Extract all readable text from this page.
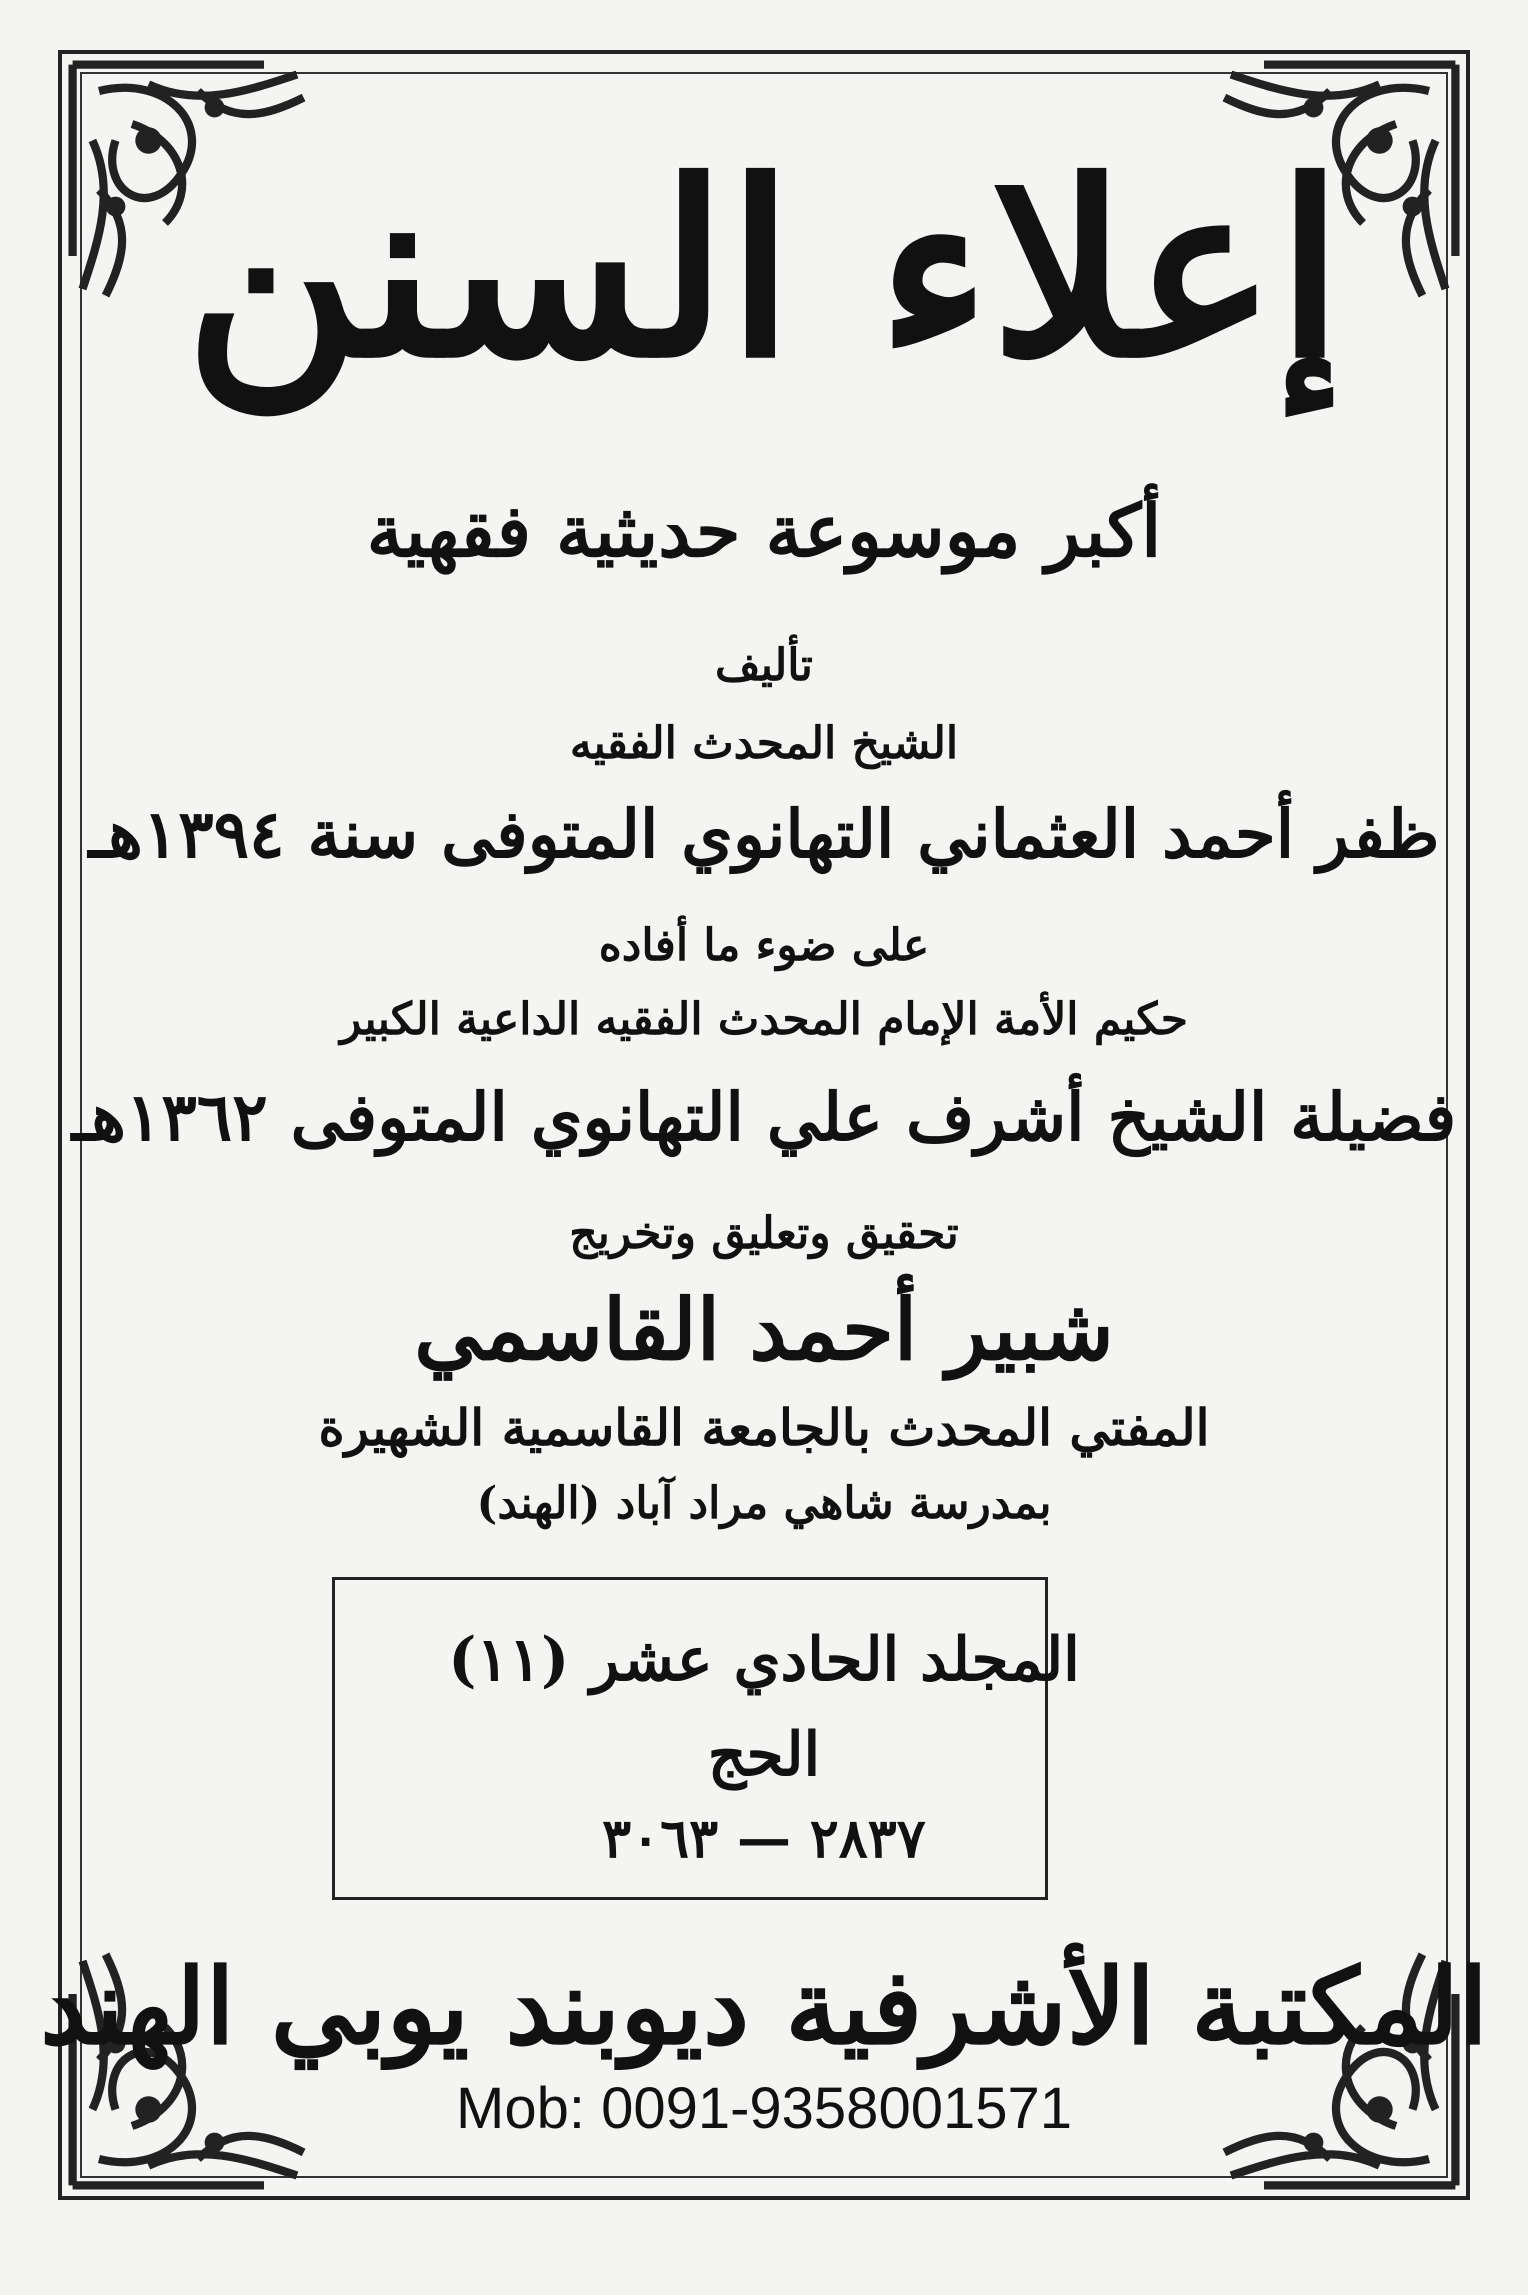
إعلاء السنن
أكبر موسوعة حديثية فقهية
تأليف
الشيخ المحدث الفقيه
ظفر أحمد العثماني التهانوي المتوفى سنة ١٣٩٤هـ
على ضوء ما أفاده
حكيم الأمة الإمام المحدث الفقيه الداعية الكبير
فضيلة الشيخ أشرف علي التهانوي المتوفى ١٣٦٢هـ
تحقيق وتعليق وتخريج
شبير أحمد القاسمي
المفتي المحدث بالجامعة القاسمية الشهيرة
بمدرسة شاهي مراد آباد (الهند)
المجلد الحادي عشر (١١)
الحج
٢٨٣٧ — ٣٠٦٣
المكتبة الأشرفية ديوبند يوبي الهند
Mob: 0091-9358001571
